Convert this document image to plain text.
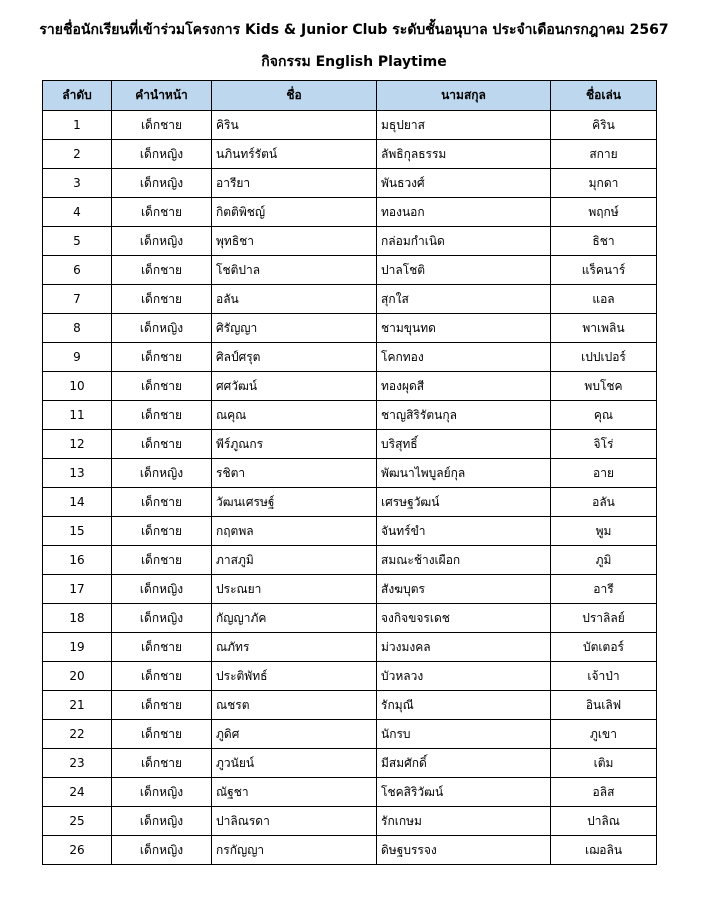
รายชื่อนักเรียนที่เข้าร่วมโครงการ Kids & Junior Club ระดับชั้นอนุบาล ประจำเดือนกรกฎาคม 2567
กิจกรรม English Playtime
ลำดับ	คำนำหน้า	ชื่อ	นามสกุล	ชื่อเล่น
1	เด็กชาย	คิริน	มธุปยาส	คิริน
2	เด็กหญิง	นภินทร์รัตน์	ลัพธิกุลธรรม	สกาย
3	เด็กหญิง	อารียา	พันธวงศ์	มุกดา
4	เด็กชาย	กิตติพิชญ์	ทองนอก	พฤกษ์
5	เด็กหญิง	พุทธิชา	กล่อมกำเนิด	ธิชา
6	เด็กชาย	โชติปาล	ปาลโชติ	แร็คนาร์
7	เด็กชาย	อลัน	สุกใส	แอล
8	เด็กหญิง	ศิรัญญา	ชามขุนทด	พาเพลิน
9	เด็กชาย	ศิลป์ศรุต	โคกทอง	เปปเปอร์
10	เด็กชาย	ศศวัฒน์	ทองผุดสี	พบโชค
11	เด็กชาย	ณคุณ	ชาญสิริรัตนกุล	คุณ
12	เด็กชาย	พีร์ภูณกร	บริสุทธิ์	จิโร่
13	เด็กหญิง	รชิตา	พัฒนาไพบูลย์กุล	อาย
14	เด็กชาย	วัฒนเศรษฐ์	เศรษฐวัฒน์	อลัน
15	เด็กชาย	กฤตพล	จันทร์ขำ	พูม
16	เด็กชาย	ภาสภูมิ	สมณะช้างเผือก	ภูมิ
17	เด็กหญิง	ประณยา	สังฆบุตร	อารี
18	เด็กหญิง	กัญญาภัค	จงกิจขจรเดช	ปราลิลย์
19	เด็กชาย	ณภัทร	ม่วงมงคล	บัตเตอร์
20	เด็กชาย	ประติพัทธ์	บัวหลวง	เจ้าป่า
21	เด็กชาย	ณชรต	รักมุณี	อินเลิฟ
22	เด็กชาย	ภูดิศ	นักรบ	ภูเขา
23	เด็กชาย	ภูวนัยน์	มีสมศักดิ์	เติม
24	เด็กหญิง	ณัฐชา	โชคสิริวัฒน์	อลิส
25	เด็กหญิง	ปาลิณรดา	รักเกษม	ปาลิณ
26	เด็กหญิง	กรกัญญา	ดิษฐบรรจง	เฌอลิน
